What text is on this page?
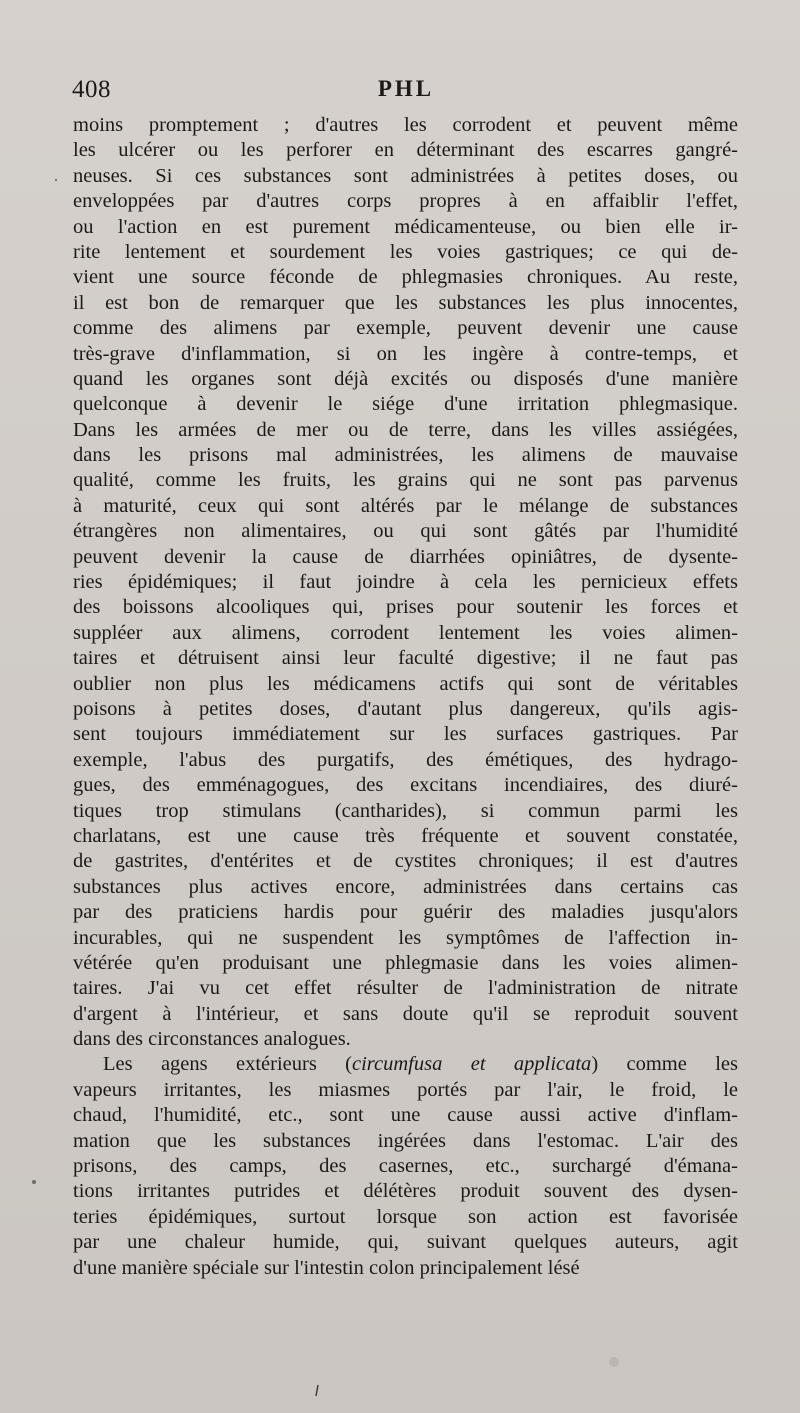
408	PHL
moins promptement ; d'autres les corrodent et peuvent même
les ulcérer ou les perforer en déterminant des escarres gangré-
neuses. Si ces substances sont administrées à petites doses, ou
enveloppées par d'autres corps propres à en affaiblir l'effet,
ou l'action en est purement médicamenteuse, ou bien elle ir-
rite lentement et sourdement les voies gastriques; ce qui de-
vient une source féconde de phlegmasies chroniques. Au reste,
il est bon de remarquer que les substances les plus innocentes,
comme des alimens par exemple, peuvent devenir une cause
très-grave d'inflammation, si on les ingère à contre-temps, et
quand les organes sont déjà excités ou disposés d'une manière
quelconque à devenir le siége d'une irritation phlegmasique.
Dans les armées de mer ou de terre, dans les villes assiégées,
dans les prisons mal administrées, les alimens de mauvaise
qualité, comme les fruits, les grains qui ne sont pas parvenus
à maturité, ceux qui sont altérés par le mélange de substances
étrangères non alimentaires, ou qui sont gâtés par l'humidité
peuvent devenir la cause de diarrhées opiniâtres, de dysente-
ries épidémiques; il faut joindre à cela les pernicieux effets
des boissons alcooliques qui, prises pour soutenir les forces et
suppléer aux alimens, corrodent lentement les voies alimen-
taires et détruisent ainsi leur faculté digestive; il ne faut pas
oublier non plus les médicamens actifs qui sont de véritables
poisons à petites doses, d'autant plus dangereux, qu'ils agis-
sent toujours immédiatement sur les surfaces gastriques. Par
exemple, l'abus des purgatifs, des émétiques, des hydrago-
gues, des emménagogues, des excitans incendiaires, des diuré-
tiques trop stimulans (cantharides), si commun parmi les
charlatans, est une cause très fréquente et souvent constatée,
de gastrites, d'entérites et de cystites chroniques; il est d'autres
substances plus actives encore, administrées dans certains cas
par des praticiens hardis pour guérir des maladies jusqu'alors
incurables, qui ne suspendent les symptômes de l'affection in-
vétérée qu'en produisant une phlegmasie dans les voies alimen-
taires. J'ai vu cet effet résulter de l'administration de nitrate
d'argent à l'intérieur, et sans doute qu'il se reproduit souvent
dans des circonstances analogues.
Les agens extérieurs (circumfusa et applicata) comme les
vapeurs irritantes, les miasmes portés par l'air, le froid, le
chaud, l'humidité, etc., sont une cause aussi active d'inflam-
mation que les substances ingérées dans l'estomac. L'air des
prisons, des camps, des casernes, etc., surchargé d'émana-
tions irritantes putrides et délétères produit souvent des dysen-
teries épidémiques, surtout lorsque son action est favorisée
par une chaleur humide, qui, suivant quelques auteurs, agit
d'une manière spéciale sur l'intestin colon principalement lésé
